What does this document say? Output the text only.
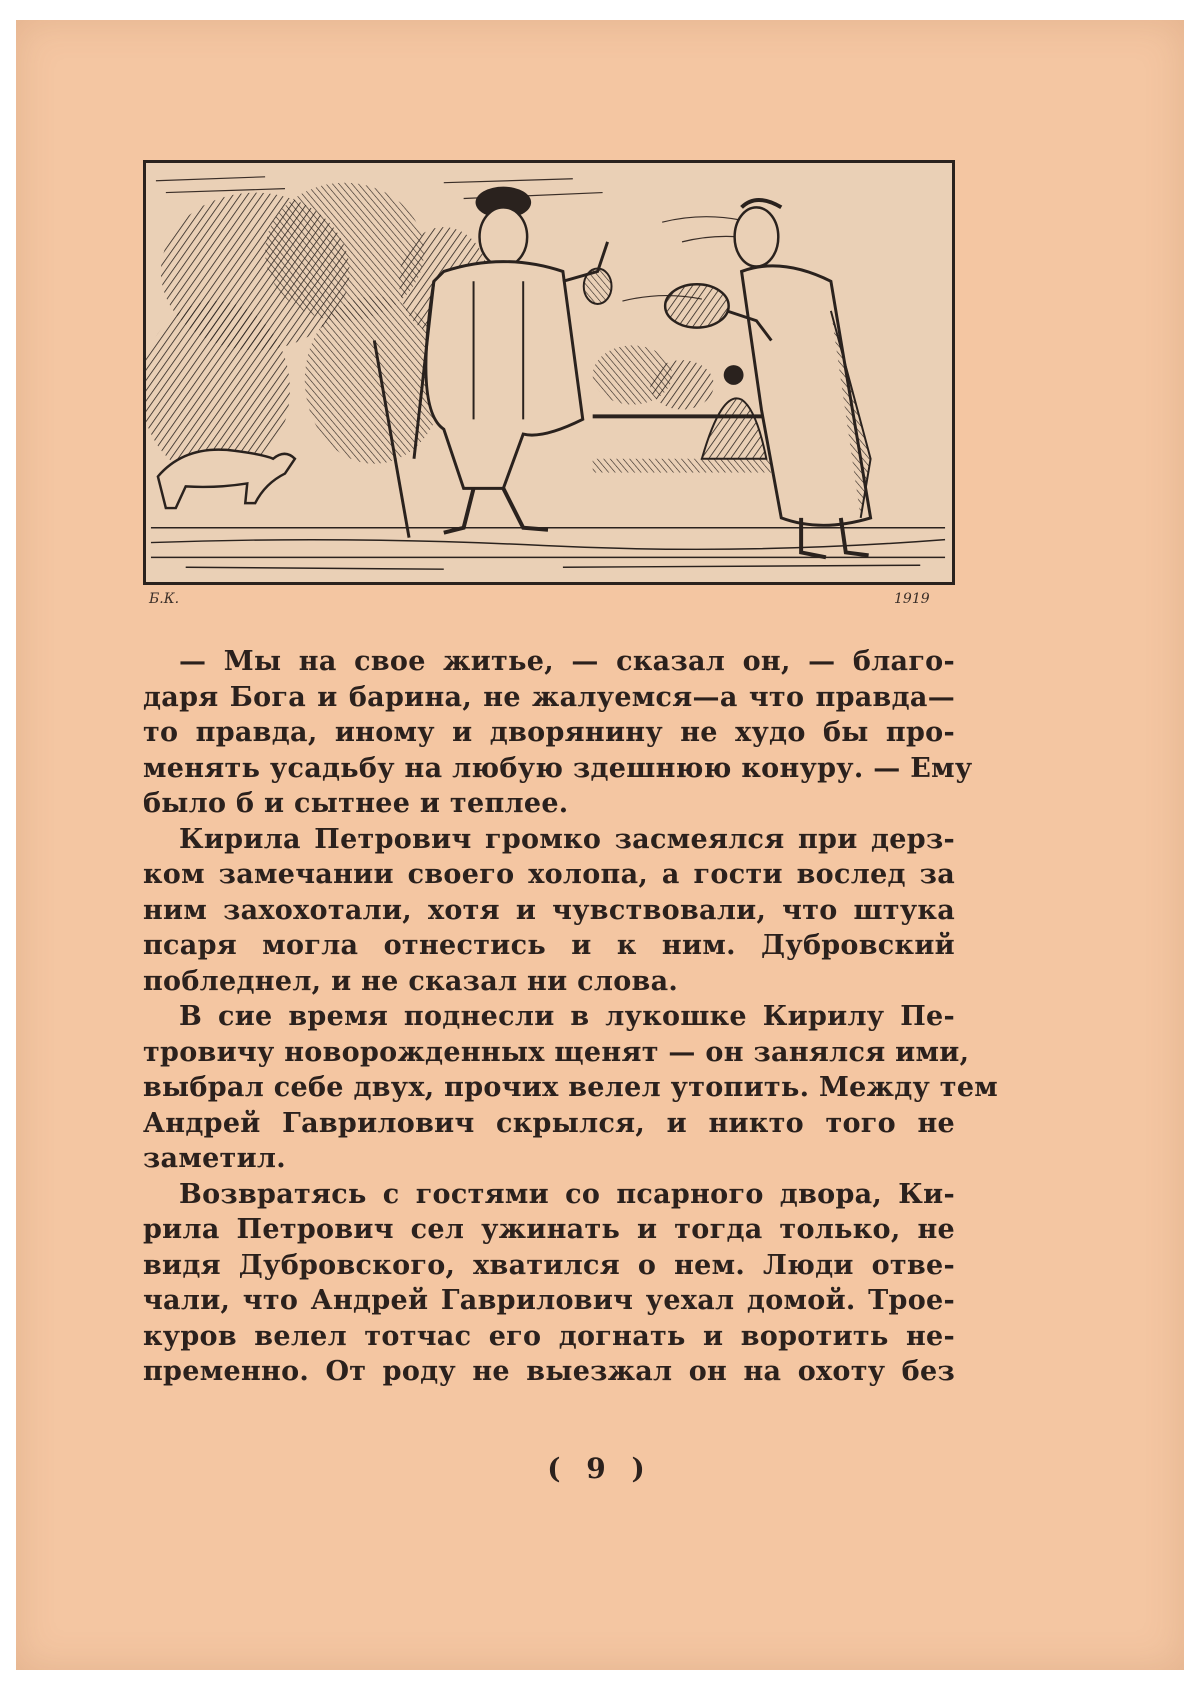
Б.К.	1919
— Мы на свое житье, — сказал он, — благо-
даря Бога и барина, не жалуемся—а что правда—
то правда, иному и дворянину не худо бы про-
менять усадьбу на любую здешнюю конуру. — Ему
было б и сытнее и теплее.
Кирила Петрович громко засмеялся при дерз-
ком замечании своего холопа, а гости вослед за
ним захохотали, хотя и чувствовали, что штука
псаря могла отнестись и к ним. Дубровский
побледнел, и не сказал ни слова.
В сие время поднесли в лукошке Кирилу Пе-
тровичу новорожденных щенят — он занялся ими,
выбрал себе двух, прочих велел утопить. Между тем
Андрей Гаврилович скрылся, и никто того не
заметил.
Возвратясь с гостями со псарного двора, Ки-
рила Петрович сел ужинать и тогда только, не
видя Дубровского, хватился о нем. Люди отве-
чали, что Андрей Гаврилович уехал домой. Трое-
куров велел тотчас его догнать и воротить не-
пременно. От роду не выезжал он на охоту без
( 9 )
